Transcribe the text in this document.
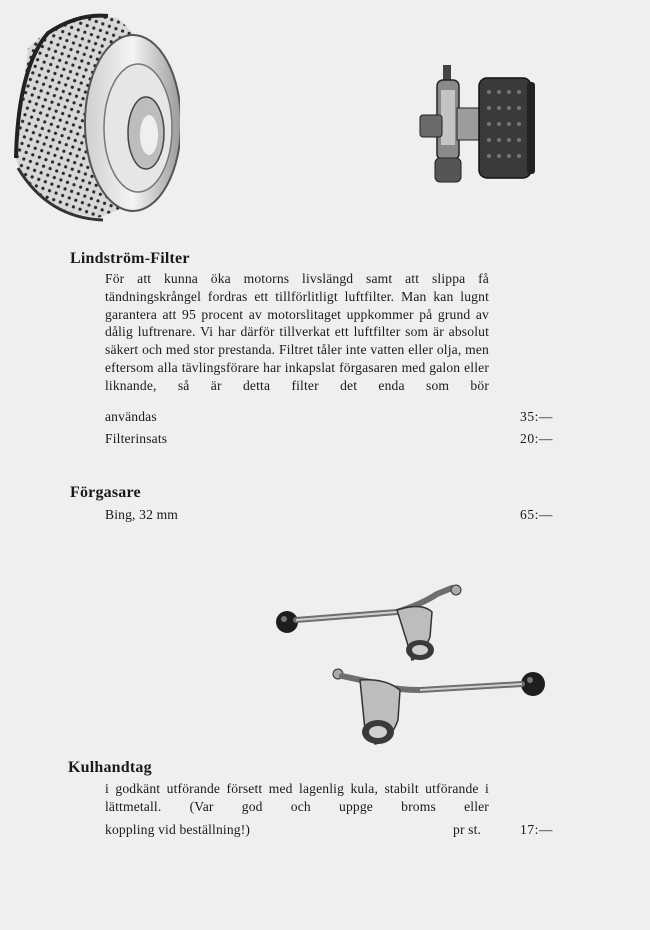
Lindström-Filter
För att kunna öka motorns livslängd samt att slippa få tändningskrångel fordras ett tillförlitligt luftfilter. Man kan lugnt garantera att 95 procent av motorslitaget uppkommer på grund av dålig luftrenare. Vi har därför tillverkat ett luftfilter som är absolut säkert och med stor prestanda. Filtret tåler inte vatten eller olja, men eftersom alla tävlingsförare har inkapslat förgasaren med galon eller liknande, så är detta filter det enda som bör
användas	35:—
Filterinsats	20:—
Förgasare
Bing, 32 mm	65:—
Kulhandtag
i godkänt utförande försett med lagenlig kula, stabilt utförande i lättmetall. (Var god och uppge broms eller
koppling vid beställning!)	pr st.	17:—
